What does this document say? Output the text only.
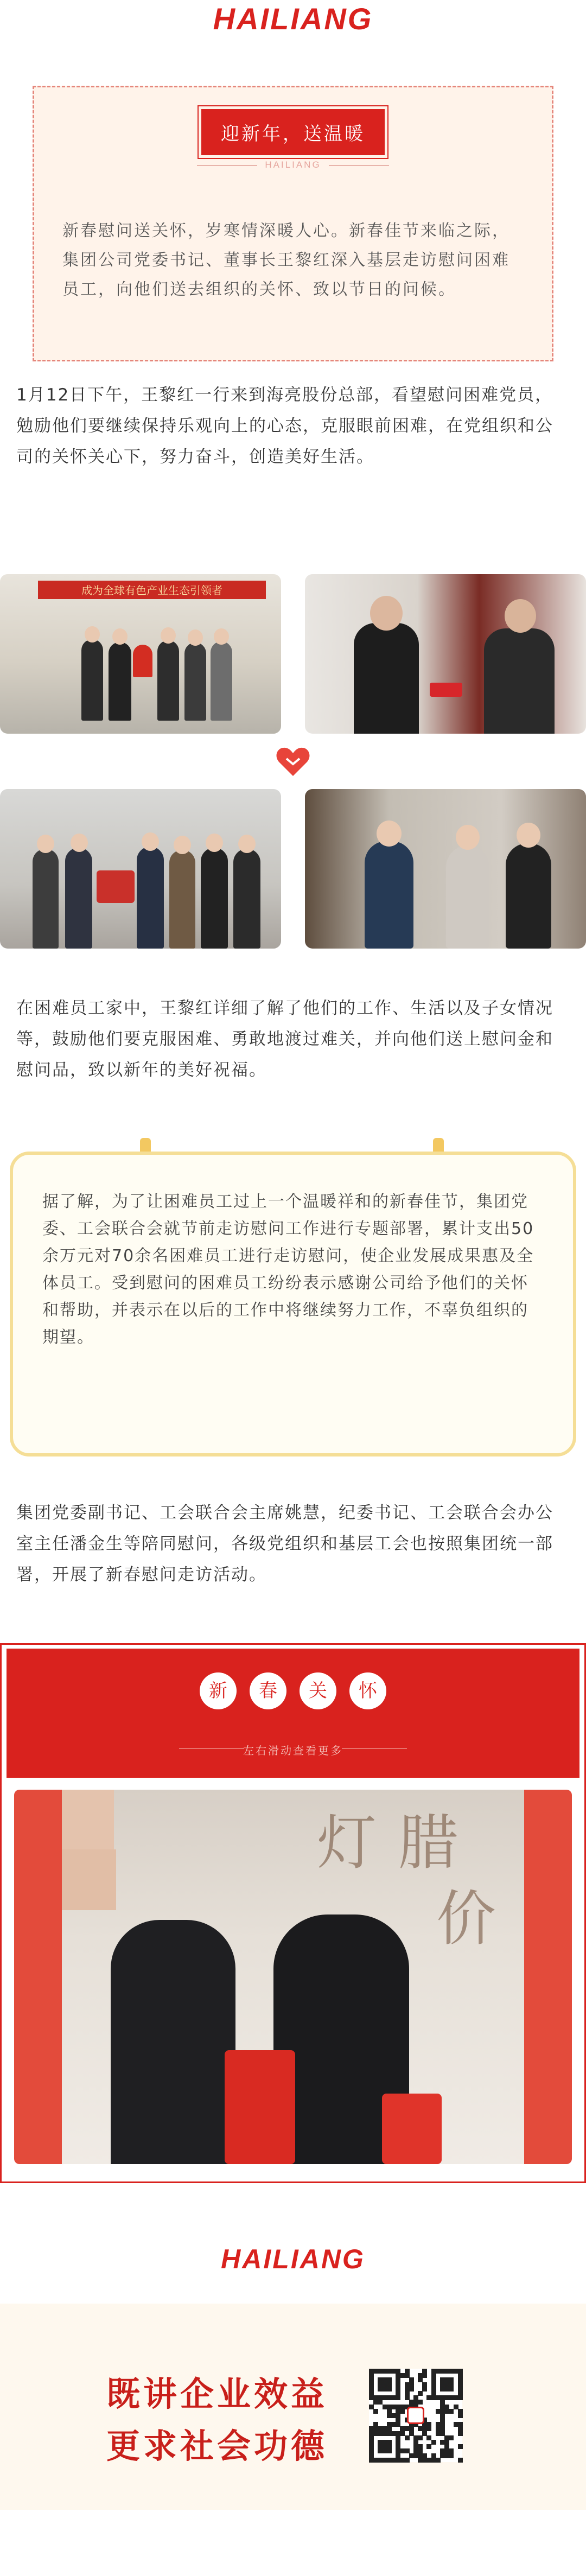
HAILIANG
迎新年，送温暖
HAILIANG
新春慰问送关怀，岁寒情深暖人心。新春佳节来临之际，集团公司党委书记、董事长王黎红深入基层走访慰问困难员工，向他们送去组织的关怀、致以节日的问候。
1月12日下午，王黎红一行来到海亮股份总部，看望慰问困难党员，勉励他们要继续保持乐观向上的心态，克服眼前困难，在党组织和公司的关怀关心下，努力奋斗，创造美好生活。
成为全球有色产业生态引领者
在困难员工家中，王黎红详细了解了他们的工作、生活以及子女情况等，鼓励他们要克服困难、勇敢地渡过难关，并向他们送上慰问金和慰问品，致以新年的美好祝福。
据了解，为了让困难员工过上一个温暖祥和的新春佳节，集团党委、工会联合会就节前走访慰问工作进行专题部署，累计支出50余万元对70余名困难员工进行走访慰问，使企业发展成果惠及全体员工。受到慰问的困难员工纷纷表示感谢公司给予他们的关怀和帮助，并表示在以后的工作中将继续努力工作，不辜负组织的期望。
集团党委副书记、工会联合会主席姚慧，纪委书记、工会联合会办公室主任潘金生等陪同慰问，各级党组织和基层工会也按照集团统一部署，开展了新春慰问走访活动。
新 春 关 怀
左右滑动查看更多
灯 腊
价
HAILIANG
既讲企业效益
更求社会功德
